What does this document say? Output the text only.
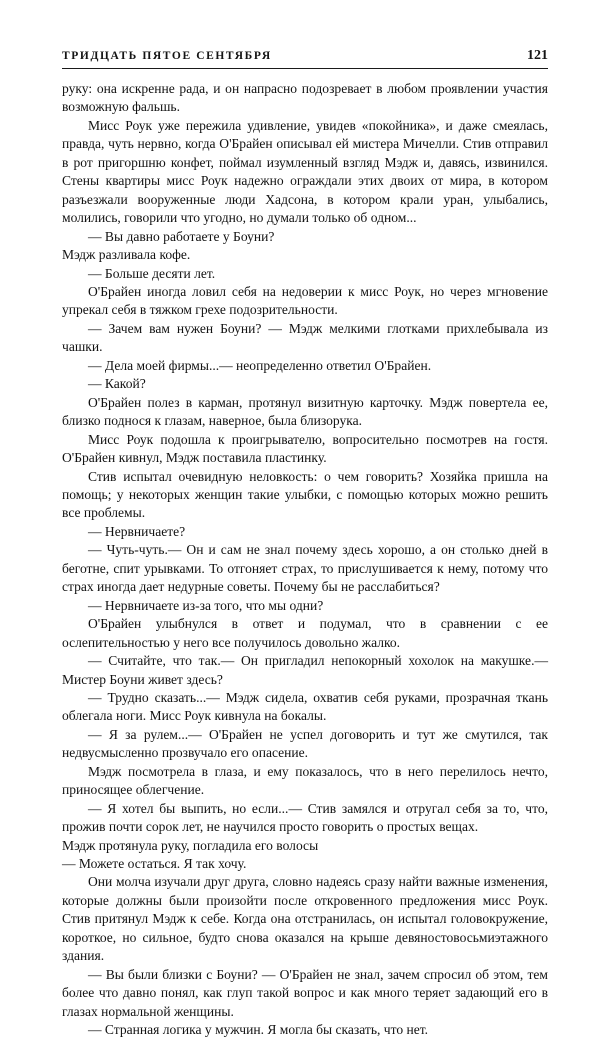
ТРИДЦАТЬ ПЯТОЕ СЕНТЯБРЯ	121

руку: она искренне рада, и он напрасно подозревает в любом проявлении участия возможную фальшь.

Мисс Роук уже пережила удивление, увидев «покойника», и даже смеялась, правда, чуть нервно, когда О'Брайен описывал ей мистера Мичелли. Стив отправил в рот пригоршню конфет, поймал изумленный взгляд Мэдж и, давясь, извинился. Стены квартиры мисс Роук надежно ограждали этих двоих от мира, в котором разъезжали вооруженные люди Хадсона, в котором крали уран, улыбались, молились, говорили что угодно, но думали только об одном...

— Вы давно работаете у Боуни?

Мэдж разливала кофе.

— Больше десяти лет.

О'Брайен иногда ловил себя на недоверии к мисс Роук, но через мгновение упрекал себя в тяжком грехе подозрительности.

— Зачем вам нужен Боуни? — Мэдж мелкими глотками прихлебывала из чашки.

— Дела моей фирмы...— неопределенно ответил О'Брайен.

— Какой?

О'Брайен полез в карман, протянул визитную карточку. Мэдж повертела ее, близко поднося к глазам, наверное, была близорука.

Мисс Роук подошла к проигрывателю, вопросительно посмотрев на гостя. О'Брайен кивнул, Мэдж поставила пластинку.

Стив испытал очевидную неловкость: о чем говорить? Хозяйка пришла на помощь; у некоторых женщин такие улыбки, с помощью которых можно решить все проблемы.

— Нервничаете?

— Чуть-чуть.— Он и сам не знал почему здесь хорошо, а он столько дней в беготне, спит урывками. То отгоняет страх, то прислушивается к нему, потому что страх иногда дает недурные советы. Почему бы не расслабиться?

— Нервничаете из-за того, что мы одни?

О'Брайен улыбнулся в ответ и подумал, что в сравнении с ее ослепительностью у него все получилось довольно жалко.

— Считайте, что так.— Он пригладил непокорный хохолок на макушке.— Мистер Боуни живет здесь?

— Трудно сказать...— Мэдж сидела, охватив себя руками, прозрачная ткань облегала ноги. Мисс Роук кивнула на бокалы.

— Я за рулем...— О'Брайен не успел договорить и тут же смутился, так недвусмысленно прозвучало его опасение.

Мэдж посмотрела в глаза, и ему показалось, что в него перелилось нечто, приносящее облегчение.

— Я хотел бы выпить, но если...— Стив замялся и отругал себя за то, что, прожив почти сорок лет, не научился просто говорить о простых вещах.

Мэдж протянула руку, погладила его волосы

— Можете остаться. Я так хочу.

Они молча изучали друг друга, словно надеясь сразу найти важные изменения, которые должны были произойти после откровенного предложения мисс Роук. Стив притянул Мэдж к себе. Когда она отстранилась, он испытал головокружение, короткое, но сильное, будто снова оказался на крыше девяностовосьмиэтажного здания.

— Вы были близки с Боуни? — О'Брайен не знал, зачем спросил об этом, тем более что давно понял, как глуп такой вопрос и как много теряет задающий его в глазах нормальной женщины.

— Странная логика у мужчин. Я могла бы сказать, что нет.
